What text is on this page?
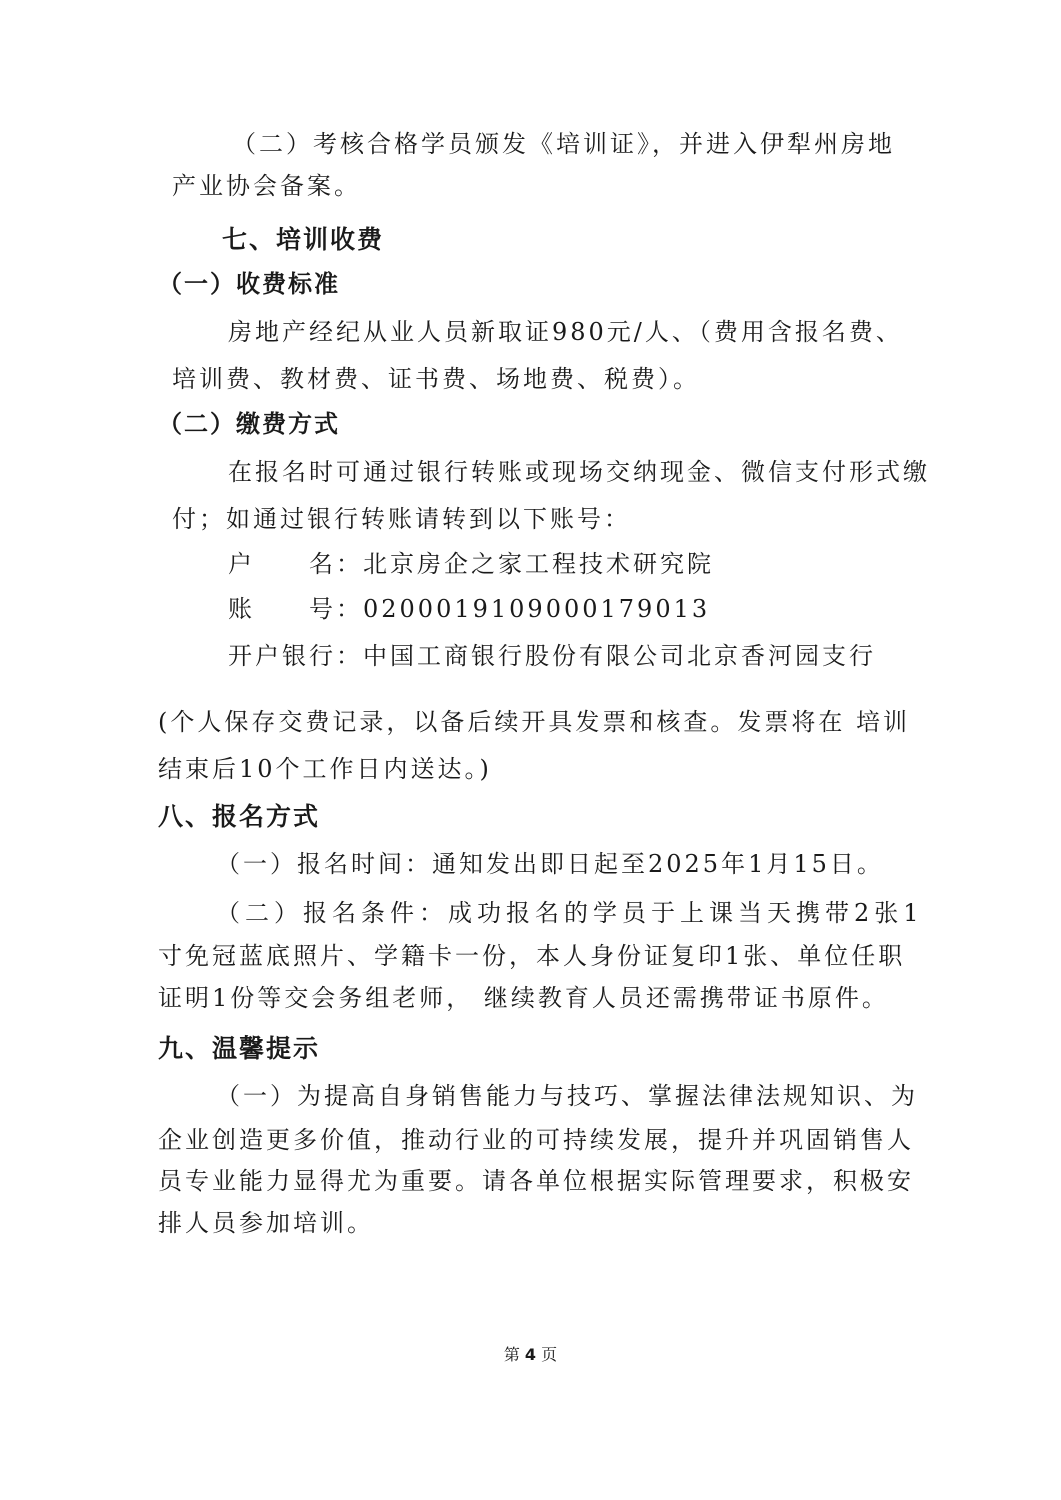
（二）考核合格学员颁发《培训证》，并进入伊犁州房地
产业协会备案。
七、培训收费
（一）收费标准
房地产经纪从业人员新取证980元/人、（费用含报名费、
培训费、教材费、证书费、场地费、税费）。
（二）缴费方式
在报名时可通过银行转账或现场交纳现金、微信支付形式缴
付；如通过银行转账请转到以下账号：
户　　名：北京房企之家工程技术研究院
账　　号：0200019109000179013
开户银行：中国工商银行股份有限公司北京香河园支行
(个人保存交费记录，以备后续开具发票和核查。发票将在 培训
结束后10个工作日内送达。)
八、报名方式
（一）报名时间：通知发出即日起至2025年1月15日。
（二）报名条件：成功报名的学员于上课当天携带2张1
寸免冠蓝底照片、学籍卡一份，本人身份证复印1张、单位任职
证明1份等交会务组老师， 继续教育人员还需携带证书原件。
九、温馨提示
（一）为提高自身销售能力与技巧、掌握法律法规知识、为
企业创造更多价值，推动行业的可持续发展，提升并巩固销售人
员专业能力显得尤为重要。请各单位根据实际管理要求，积极安
排人员参加培训。
第 4 页
